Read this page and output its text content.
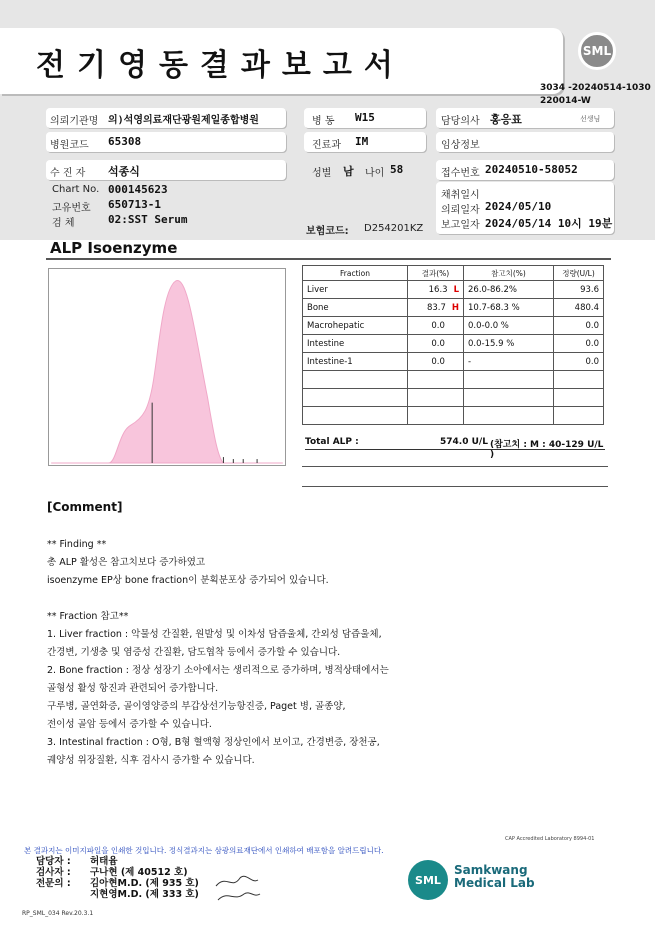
전기영동결과보고서	SML
3034 -20240514-1030
220014-W
의뢰기관명 의)석영의료재단광원제일종합병원	병 동 W15	담당의사 홍응표	선생님
병원코드 65308	진료과 IM	임상정보
수 진 자 석종식	성별 남 나이 58	접수번호 20240510-58052
Chart No. 000145623
고유번호 650713-1
검 체	02:SST Serum
보험코드: D254201KZ
채취일시
의뢰일자 2024/05/10
보고일자 2024/05/14 10시 19분
ALP Isoenzyme
Fraction	결과(%)	참고치(%)	정량(U/L)
Liver	16.3 L	26.0-86.2%	93.6
Bone	83.7 H	10.7-68.3 %	480.4
Macrohepatic	0.0	0.0-0.0 %	0.0
Intestine	0.0	0.0-15.9 %	0.0
Intestine-1	0.0	-	0.0

Total ALP :	574.0 U/L (참고치 : M : 40-129 U/L )
[Comment]
** Finding **
총 ALP 활성은 참고치보다 증가하였고
isoenzyme EP상 bone fraction이 분획분포상 증가되어 있습니다.
** Fraction 참고**
1. Liver fraction : 악물성 간질환, 원발성 및 이차성 담즙울체, 간외성 담즙울체,
간경변, 기생충 및 염증성 간질환, 담도협착 등에서 증가할 수 있습니다.
2. Bone fraction : 정상 성장기 소아에서는 생리적으로 증가하며, 병적상태에서는
골형성 활성 항진과 관련되어 증가합니다.
구루병, 골연화증, 골이영양증의 부갑상선기능항진증, Paget 병, 골종양,
전이성 골암 등에서 증가할 수 있습니다.
3. Intestinal fraction : O형, B형 혈액형 정상인에서 보이고, 간경변증, 장천공,
궤양성 위장질환, 식후 검사시 증가할 수 있습니다.
CAP Accredited Laboratory 8994-01
본 결과지는 이미지파일을 인쇄한 것입니다. 정식결과지는 삼광의료재단에서 인쇄하여 배포함을 알려드립니다.
담당자 : 허태윰
검사자 : 구나현 (제 40512 호)
전문의 : 김아현M.D. (제 935 호)
지현영M.D. (제 333 호)
SML
Samkwang
Medical Lab
RP_SML_034 Rev.20.3.1
